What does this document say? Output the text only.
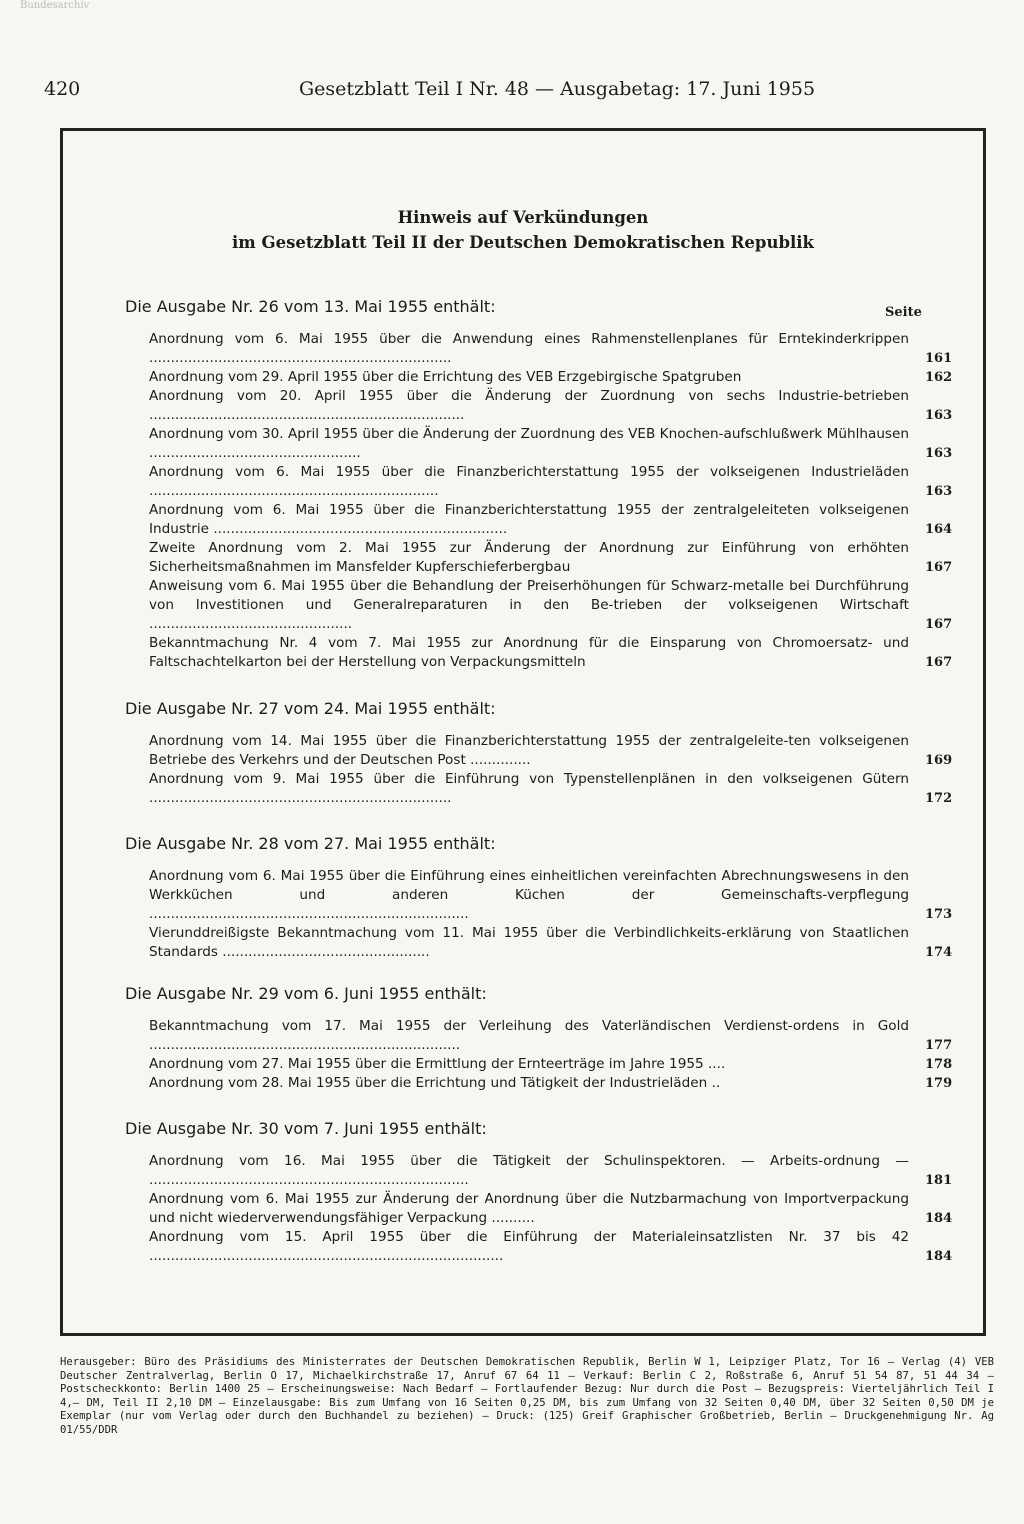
Bundesarchiv
420	Gesetzblatt Teil I Nr. 48 — Ausgabetag: 17. Juni 1955
Hinweis auf Verkündungen
im Gesetzblatt Teil II der Deutschen Demokratischen Republik
Seite
Die Ausgabe Nr. 26 vom 13. Mai 1955 enthält:
Anordnung vom 6. Mai 1955 über die Anwendung eines Rahmenstellenplanes für Erntekinderkrippen ......................................................................	161
Anordnung vom 29. April 1955 über die Errichtung des VEB Erzgebirgische Spatgruben	162
Anordnung vom 20. April 1955 über die Änderung der Zuordnung von sechs Industrie-betrieben .........................................................................	163
Anordnung vom 30. April 1955 über die Änderung der Zuordnung des VEB Knochen-aufschlußwerk Mühlhausen .................................................	163
Anordnung vom 6. Mai 1955 über die Finanzberichterstattung 1955 der volkseigenen Industrieläden ...................................................................	163
Anordnung vom 6. Mai 1955 über die Finanzberichterstattung 1955 der zentralgeleiteten volkseigenen Industrie ....................................................................	164
Zweite Anordnung vom 2. Mai 1955 zur Änderung der Anordnung zur Einführung von erhöhten Sicherheitsmaßnahmen im Mansfelder Kupferschieferbergbau	167
Anweisung vom 6. Mai 1955 über die Behandlung der Preiserhöhungen für Schwarz-metalle bei Durchführung von Investitionen und Generalreparaturen in den Be-trieben der volkseigenen Wirtschaft ...............................................	167
Bekanntmachung Nr. 4 vom 7. Mai 1955 zur Anordnung für die Einsparung von Chromoersatz- und Faltschachtelkarton bei der Herstellung von Verpackungsmitteln	167
Die Ausgabe Nr. 27 vom 24. Mai 1955 enthält:
Anordnung vom 14. Mai 1955 über die Finanzberichterstattung 1955 der zentralgeleite-ten volkseigenen Betriebe des Verkehrs und der Deutschen Post ..............	169
Anordnung vom 9. Mai 1955 über die Einführung von Typenstellenplänen in den volkseigenen Gütern ......................................................................	172
Die Ausgabe Nr. 28 vom 27. Mai 1955 enthält:
Anordnung vom 6. Mai 1955 über die Einführung eines einheitlichen vereinfachten Abrechnungswesens in den Werkküchen und anderen Küchen der Gemeinschafts-verpflegung ..........................................................................	173
Vierunddreißigste Bekanntmachung vom 11. Mai 1955 über die Verbindlichkeits-erklärung von Staatlichen Standards ................................................	174
Die Ausgabe Nr. 29 vom 6. Juni 1955 enthält:
Bekanntmachung vom 17. Mai 1955 der Verleihung des Vaterländischen Verdienst-ordens in Gold ........................................................................	177
Anordnung vom 27. Mai 1955 über die Ermittlung der Ernteerträge im Jahre 1955 ....	178
Anordnung vom 28. Mai 1955 über die Errichtung und Tätigkeit der Industrieläden ..	179
Die Ausgabe Nr. 30 vom 7. Juni 1955 enthält:
Anordnung vom 16. Mai 1955 über die Tätigkeit der Schulinspektoren. — Arbeits-ordnung — ..........................................................................	181
Anordnung vom 6. Mai 1955 zur Änderung der Anordnung über die Nutzbarmachung von Importverpackung und nicht wiederverwendungsfähiger Verpackung ..........	184
Anordnung vom 15. April 1955 über die Einführung der Materialeinsatzlisten Nr. 37 bis 42 ..................................................................................	184
Herausgeber: Büro des Präsidiums des Ministerrates der Deutschen Demokratischen Republik, Berlin W 1, Leipziger Platz, Tor 16 — Verlag (4) VEB Deutscher Zentralverlag, Berlin O 17, Michaelkirchstraße 17, Anruf 67 64 11 — Verkauf: Berlin C 2, Roßstraße 6, Anruf 51 54 87, 51 44 34 — Postscheckkonto: Berlin 1400 25 — Erscheinungsweise: Nach Bedarf — Fortlaufender Bezug: Nur durch die Post — Bezugspreis: Vierteljährlich Teil I 4,— DM, Teil II 2,10 DM — Einzelausgabe: Bis zum Umfang von 16 Seiten 0,25 DM, bis zum Umfang von 32 Seiten 0,40 DM, über 32 Seiten 0,50 DM je Exemplar (nur vom Verlag oder durch den Buchhandel zu beziehen) — Druck: (125) Greif Graphischer Großbetrieb, Berlin — Druckgenehmigung Nr. Ag 01/55/DDR
